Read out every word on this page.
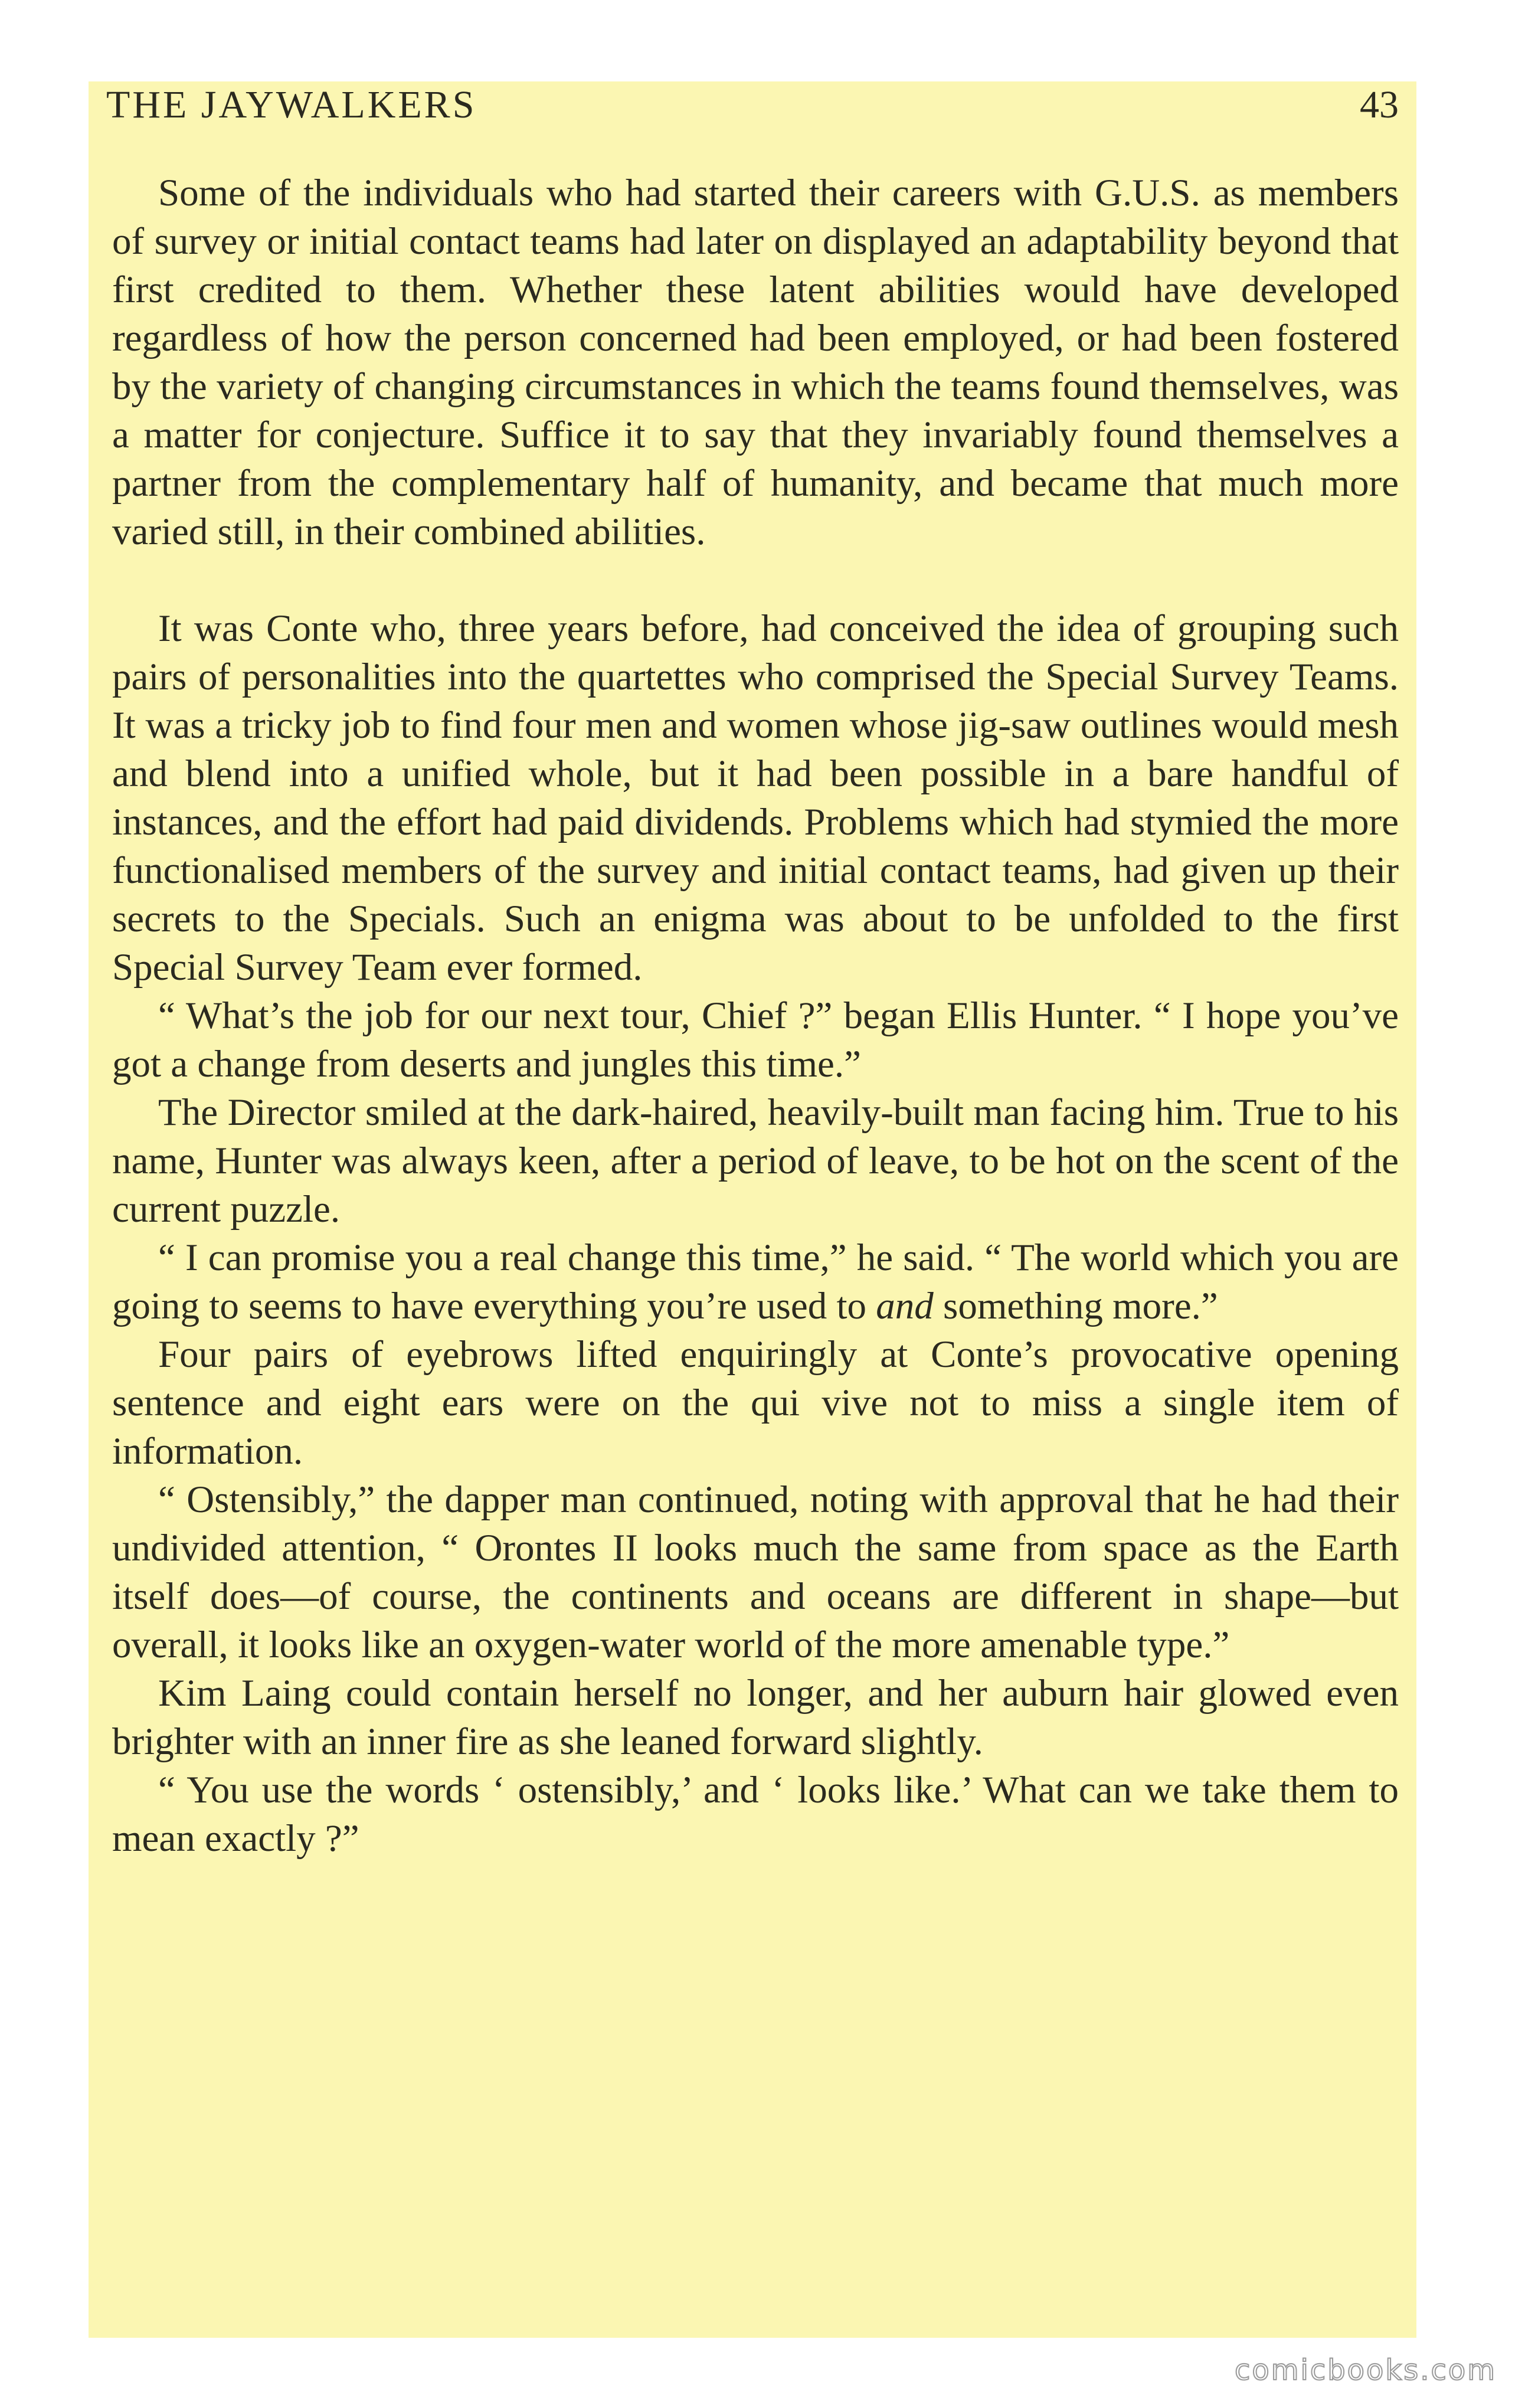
THE JAYWALKERS	43

Some of the individuals who had started their careers with G.U.S. as members of survey or initial contact teams had later on displayed an adaptability beyond that first credited to them. Whether these latent abilities would have developed regardless of how the person concerned had been employed, or had been fostered by the variety of changing circumstances in which the teams found themselves, was a matter for conjecture. Suffice it to say that they invariably found themselves a partner from the complementary half of humanity, and became that much more varied still, in their combined abilities.

It was Conte who, three years before, had conceived the idea of grouping such pairs of personalities into the quartettes who comprised the Special Survey Teams. It was a tricky job to find four men and women whose jig-saw outlines would mesh and blend into a unified whole, but it had been possible in a bare handful of instances, and the effort had paid dividends. Problems which had stymied the more functionalised members of the survey and initial contact teams, had given up their secrets to the Specials. Such an enigma was about to be unfolded to the first Special Survey Team ever formed.

“ What’s the job for our next tour, Chief ?” began Ellis Hunter. “ I hope you’ve got a change from deserts and jungles this time.”

The Director smiled at the dark-haired, heavily-built man facing him. True to his name, Hunter was always keen, after a period of leave, to be hot on the scent of the current puzzle.

“ I can promise you a real change this time,” he said. “ The world which you are going to seems to have everything you’re used to and something more.”

Four pairs of eyebrows lifted enquiringly at Conte’s provocative opening sentence and eight ears were on the qui vive not to miss a single item of information.

“ Ostensibly,” the dapper man continued, noting with approval that he had their undivided attention, “ Orontes II looks much the same from space as the Earth itself does—of course, the continents and oceans are different in shape—but overall, it looks like an oxygen-water world of the more amenable type.”

Kim Laing could contain herself no longer, and her auburn hair glowed even brighter with an inner fire as she leaned forward slightly.

“ You use the words ‘ ostensibly,’ and ‘ looks like.’ What can we take them to mean exactly ?”

comicbooks.com
